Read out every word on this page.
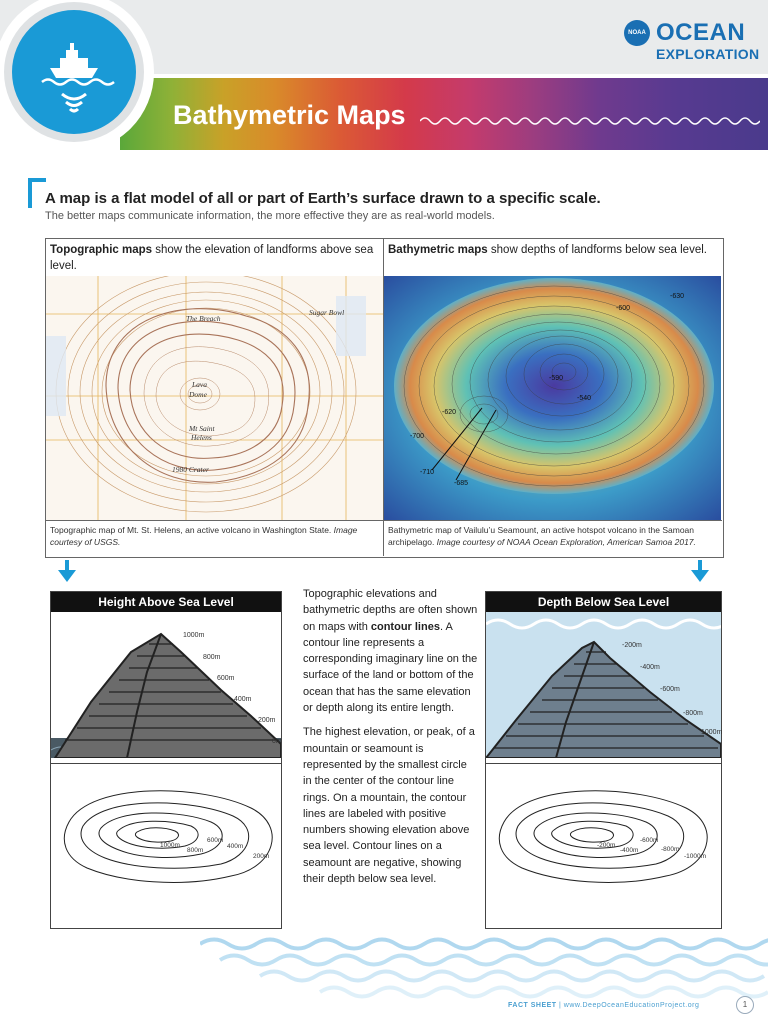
Bathymetric Maps
NOAA OCEAN
EXPLORATION
A map is a flat model of all or part of Earth’s surface drawn to a specific scale.
The better maps communicate information, the more effective they are as real-world models.
Topographic maps show the elevation of landforms above sea level.
Bathymetric maps show depths of landforms below sea level.
The Breach
Sugar Bowl
Lava
Dome
Mt Saint
Helens
1980 Crater	-710
-685
-620
-590
-540
-600
-700
-630
Topographic map of Mt. St. Helens, an active volcano in Washington State. Image courtesy of USGS.
Bathymetric map of Vailulu’u Seamount, an active hotspot volcano in the Samoan archipelago. Image courtesy of NOAA Ocean Exploration, American Samoa 2017.
Height Above Sea Level
1000m
800m
600m
400m
200m
0m
1000m
800m
600m
400m
200m

Topographic elevations and bathymetric depths are often shown on maps with contour lines. A contour line represents a corresponding imaginary line on the surface of the land or bottom of the ocean that has the same elevation or depth along its entire length.

The highest elevation, or peak, of a mountain or seamount is represented by the smallest circle in the center of the contour line rings. On a mountain, the contour lines are labeled with positive numbers showing elevation above sea level. Contour lines on a seamount are negative, showing their depth below sea level.

Depth Below Sea Level
-200m
-400m
-600m
-800m
1000m
-200m
-400m
-600m
-800m
-1000m
FACT SHEET | www.DeepOceanEducationProject.org	1
